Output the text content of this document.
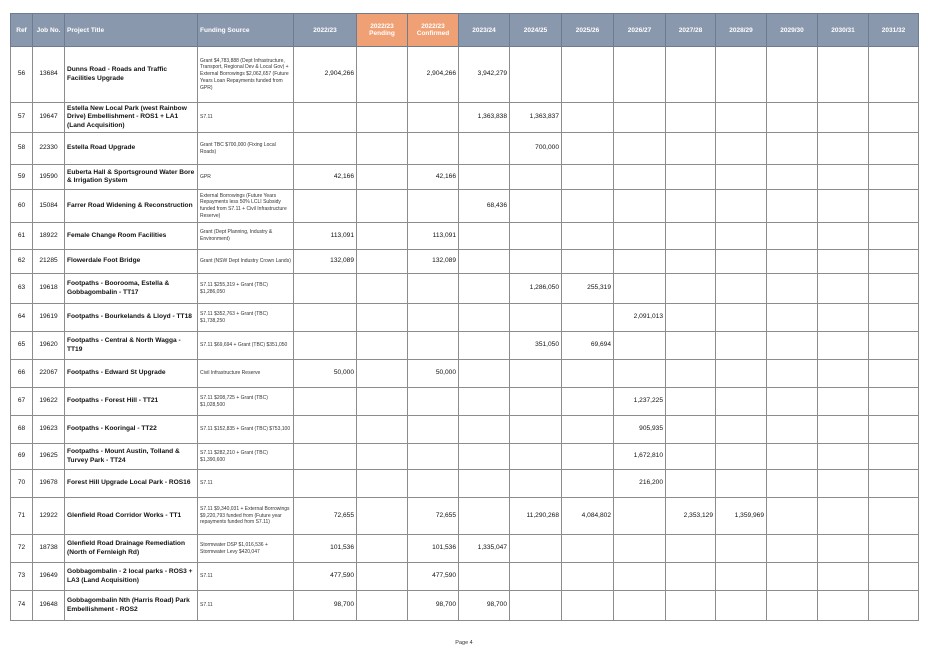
Ref	Job No.	Project Title	Funding Source	2022/23	2022/23 Pending	2022/23 Confirmed	2023/24	2024/25	2025/26	2026/27	2027/28	2028/29	2029/30	2030/31	2031/32
56	13684	Dunns Road - Roads and Traffic Facilities Upgrade	Grant $4,783,888 (Dept Infrastructure, Transport, Regional Dev & Local Gov) + External Borrowings $2,062,657 (Future Years Loan Repayments funded from GPR)	2,904,266		2,904,266	3,942,279								
57	19647	Estella New Local Park (west Rainbow Drive) Embellishment - ROS1 + LA1 (Land Acquisition)	S7.11				1,363,838	1,363,837							
58	22330	Estella Road Upgrade	Grant TBC $700,000 (Fixing Local Roads)					700,000							
59	19590	Euberta Hall & Sportsground Water Bore & Irrigation System	GPR	42,166		42,166									
60	15084	Farrer Road Widening & Reconstruction	External Borrowings (Future Years Repayments less 50% LCLI Subsidy funded from S7.11 + Civil Infrastructure Reserve)				68,436								
61	18922	Female Change Room Facilities	Grant (Dept Planning, Industry & Environment)	113,091		113,091									
62	21285	Flowerdale Foot Bridge	Grant (NSW Dept Industry Crown Lands)	132,089		132,089									
63	19618	Footpaths - Boorooma, Estella & Gobbagombalin - TT17	S7.11 $255,319 + Grant (TBC) $1,286,050					1,286,050	255,319						
64	19619	Footpaths - Bourkelands & Lloyd - TT18	S7.11 $352,763 + Grant (TBC) $1,738,250							2,091,013					
65	19620	Footpaths - Central & North Wagga - TT19	S7.11 $69,694 + Grant (TBC) $351,050					351,050	69,694						
66	22067	Footpaths - Edward St Upgrade	Civil Infrastructure Reserve	50,000		50,000									
67	19622	Footpaths - Forest Hill - TT21	S7.11 $208,725 + Grant (TBC) $1,028,500							1,237,225					
68	19623	Footpaths - Kooringal - TT22	S7.11 $152,835 + Grant (TBC) $753,100							905,935					
69	19625	Footpaths - Mount Austin, Tolland & Turvey Park - TT24	S7.11 $282,210 + Grant (TBC) $1,390,600							1,672,810					
70	19678	Forest Hill Upgrade Local Park - ROS16	S7.11							216,200					
71	12922	Glenfield Road Corridor Works - TT1	S7.11 $9,340,031 + External Borrowings $9,220,793 funded from (Future year repayments funded from S7.11)	72,655		72,655		11,290,268	4,084,802		2,353,129	1,359,969			
72	18738	Glenfield Road Drainage Remediation (North of Fernleigh Rd)	Stormwater DSP $1,016,536 + Stormwater Levy $420,047	101,536		101,536	1,335,047								
73	19649	Gobbagombalin - 2 local parks - ROS3 + LA3 (Land Acquisition)	S7.11	477,590		477,590									
74	19648	Gobbagombalin Nth (Harris Road) Park Embellishment - ROS2	S7.11	98,700		98,700	98,700								
Page 4
